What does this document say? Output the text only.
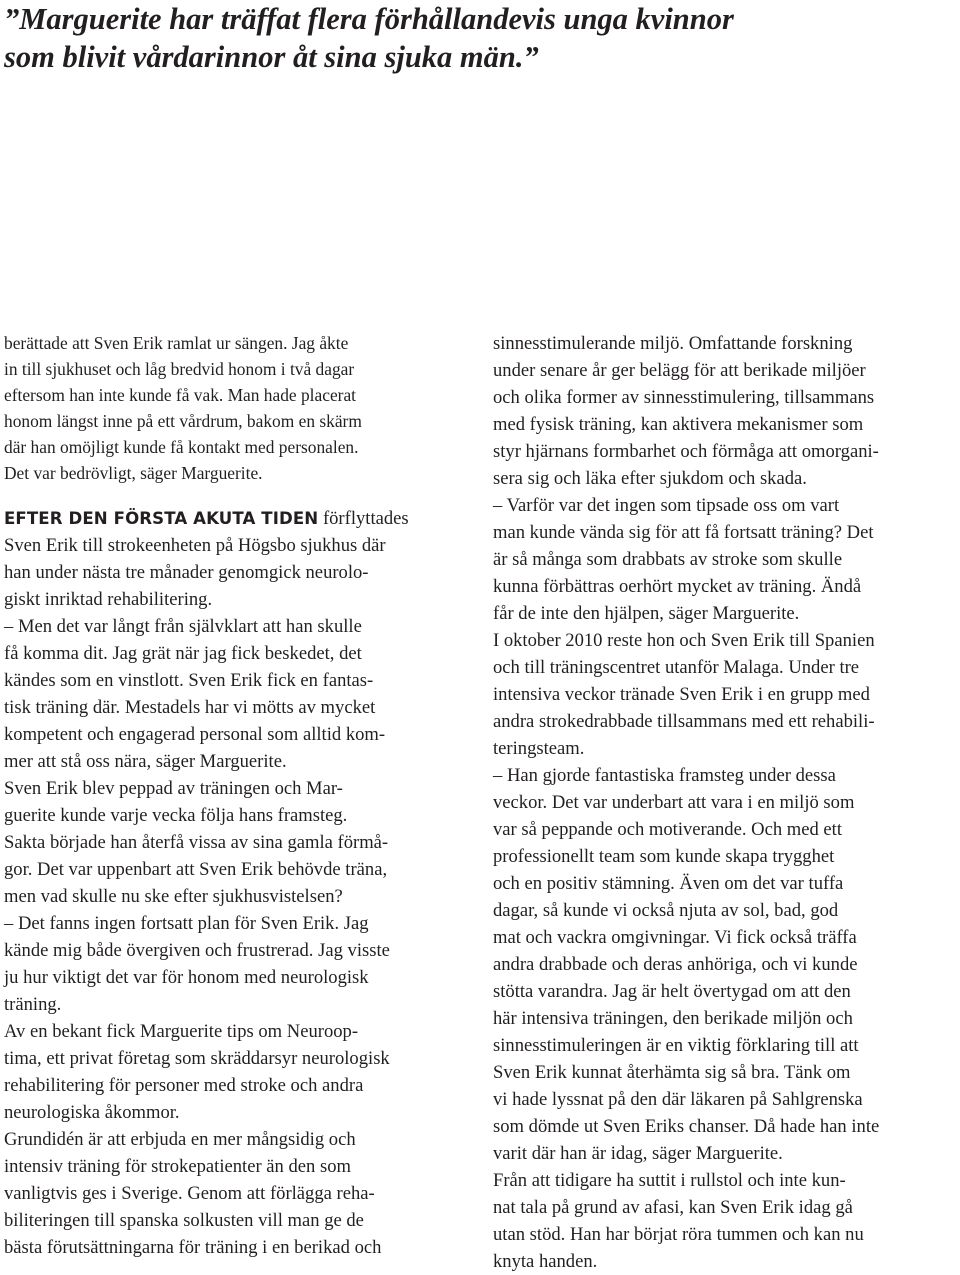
”Marguerite har träffat flera förhållandevis unga kvinnor
som blivit vårdarinnor åt sina sjuka män.”

berättade att Sven Erik ramlat ur sängen. Jag åkte
in till sjukhuset och låg bredvid honom i två dagar
eftersom han inte kunde få vak. Man hade placerat
honom längst inne på ett vårdrum, bakom en skärm
där han omöjligt kunde få kontakt med personalen.
Det var bedrövligt, säger Marguerite.

EFTER DEN FÖRSTA AKUTA TIDEN förflyttades
Sven Erik till strokeenheten på Högsbo sjukhus där
han under nästa tre månader genomgick neurolo-
giskt inriktad rehabilitering.

– Men det var långt från självklart att han skulle
få komma dit. Jag grät när jag fick beskedet, det
kändes som en vinstlott. Sven Erik fick en fantas-
tisk träning där. Mestadels har vi mötts av mycket
kompetent och engagerad personal som alltid kom-
mer att stå oss nära, säger Marguerite.

Sven Erik blev peppad av träningen och Mar-
guerite kunde varje vecka följa hans framsteg.
Sakta började han återfå vissa av sina gamla förmå-
gor. Det var uppenbart att Sven Erik behövde träna,
men vad skulle nu ske efter sjukhusvistelsen?

– Det fanns ingen fortsatt plan för Sven Erik. Jag
kände mig både övergiven och frustrerad. Jag visste
ju hur viktigt det var för honom med neurologisk
träning.

Av en bekant fick Marguerite tips om Neuroop-
tima, ett privat företag som skräddarsyr neurologisk
rehabilitering för personer med stroke och andra
neurologiska åkommor.

Grundidén är att erbjuda en mer mångsidig och
intensiv träning för strokepatienter än den som
vanligtvis ges i Sverige. Genom att förlägga reha-
biliteringen till spanska solkusten vill man ge de
bästa förutsättningarna för träning i en berikad och

sinnesstimulerande miljö. Omfattande forskning
under senare år ger belägg för att berikade miljöer
och olika former av sinnesstimulering, tillsammans
med fysisk träning, kan aktivera mekanismer som
styr hjärnans formbarhet och förmåga att omorgani-
sera sig och läka efter sjukdom och skada.

– Varför var det ingen som tipsade oss om vart
man kunde vända sig för att få fortsatt träning? Det
är så många som drabbats av stroke som skulle
kunna förbättras oerhört mycket av träning. Ändå
får de inte den hjälpen, säger Marguerite.

I oktober 2010 reste hon och Sven Erik till Spanien
och till träningscentret utanför Malaga. Under tre
intensiva veckor tränade Sven Erik i en grupp med
andra strokedrabbade tillsammans med ett rehabili-
teringsteam.

– Han gjorde fantastiska framsteg under dessa
veckor. Det var underbart att vara i en miljö som
var så peppande och motiverande. Och med ett
professionellt team som kunde skapa trygghet
och en positiv stämning. Även om det var tuffa
dagar, så kunde vi också njuta av sol, bad, god
mat och vackra omgivningar. Vi fick också träffa
andra drabbade och deras anhöriga, och vi kunde
stötta varandra. Jag är helt övertygad om att den
här intensiva träningen, den berikade miljön och
sinnesstimuleringen är en viktig förklaring till att
Sven Erik kunnat återhämta sig så bra. Tänk om
vi hade lyssnat på den där läkaren på Sahlgrenska
som dömde ut Sven Eriks chanser. Då hade han inte
varit där han är idag, säger Marguerite.

Från att tidigare ha suttit i rullstol och inte kun-
nat tala på grund av afasi, kan Sven Erik idag gå
utan stöd. Han har börjat röra tummen och kan nu
knyta handen.
